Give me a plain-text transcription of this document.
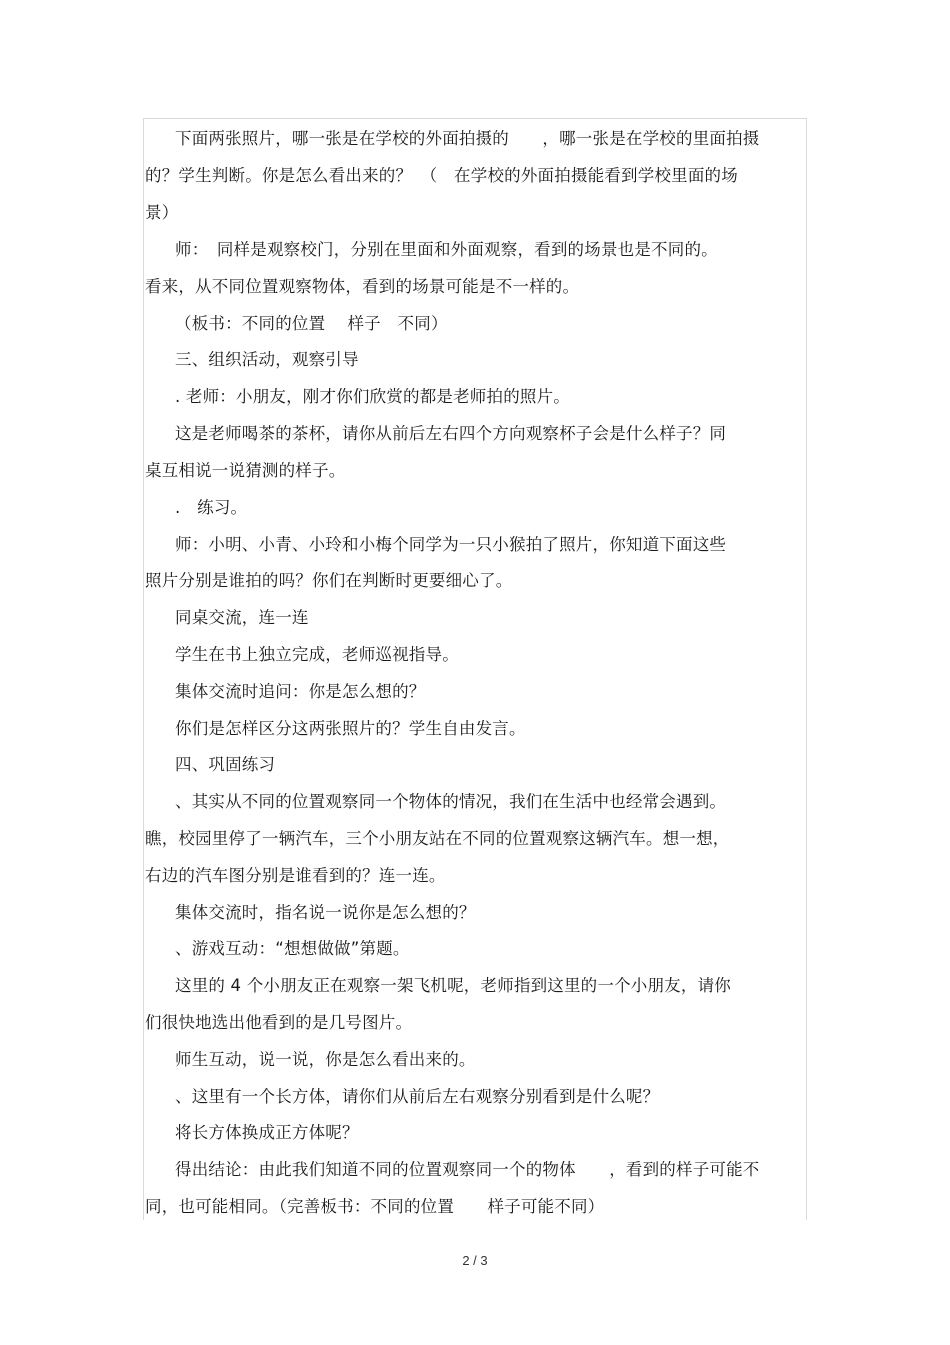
下面两张照片，哪一张是在学校的外面拍摄的　　，哪一张是在学校的里面拍摄
的？学生判断。你是怎么看出来的？　（　在学校的外面拍摄能看到学校里面的场
景）
师：　同样是观察校门，分别在里面和外面观察，看到的场景也是不同的。
看来，从不同位置观察物体，看到的场景可能是不一样的。
（板书：不同的位置　 样子　不同）
三、组织活动，观察引导
. 老师：小朋友，刚才你们欣赏的都是老师拍的照片。
这是老师喝茶的茶杯，请你从前后左右四个方向观察杯子会是什么样子？同
桌互相说一说猜测的样子。
.　练习。
师：小明、小青、小玲和小梅个同学为一只小猴拍了照片，你知道下面这些
照片分别是谁拍的吗？你们在判断时更要细心了。
同桌交流，连一连
学生在书上独立完成，老师巡视指导。
集体交流时追问：你是怎么想的？
你们是怎样区分这两张照片的？学生自由发言。
四、巩固练习
、其实从不同的位置观察同一个物体的情况，我们在生活中也经常会遇到。
瞧，校园里停了一辆汽车，三个小朋友站在不同的位置观察这辆汽车。想一想，
右边的汽车图分别是谁看到的？连一连。
集体交流时，指名说一说你是怎么想的？
、游戏互动：“想想做做”第题。
这里的 4 个小朋友正在观察一架飞机呢，老师指到这里的一个小朋友，请你
们很快地选出他看到的是几号图片。
师生互动，说一说，你是怎么看出来的。
、这里有一个长方体，请你们从前后左右观察分别看到是什么呢？
将长方体换成正方体呢？
得出结论：由此我们知道不同的位置观察同一个的物体　　，看到的样子可能不
同，也可能相同。（完善板书：不同的位置　　样子可能不同）
2 / 3
